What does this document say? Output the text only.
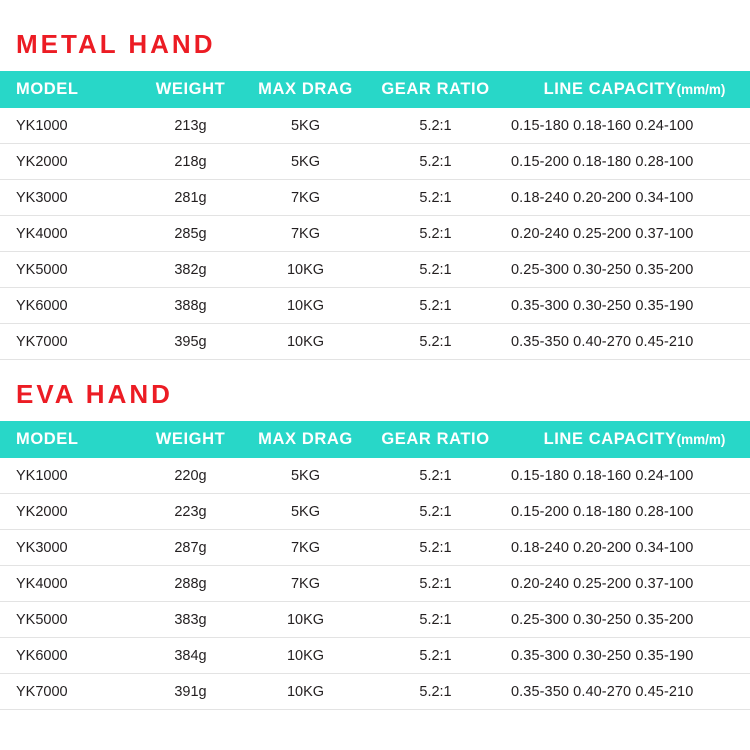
METAL HAND
MODEL	WEIGHT	MAX DRAG	GEAR RATIO	LINE CAPACITY(mm/m)
YK1000	213g	5KG	5.2:1	0.15-180 0.18-160 0.24-100
YK2000	218g	5KG	5.2:1	0.15-200 0.18-180 0.28-100
YK3000	281g	7KG	5.2:1	0.18-240 0.20-200 0.34-100
YK4000	285g	7KG	5.2:1	0.20-240 0.25-200 0.37-100
YK5000	382g	10KG	5.2:1	0.25-300 0.30-250 0.35-200
YK6000	388g	10KG	5.2:1	0.35-300 0.30-250 0.35-190
YK7000	395g	10KG	5.2:1	0.35-350 0.40-270 0.45-210
EVA HAND
MODEL	WEIGHT	MAX DRAG	GEAR RATIO	LINE CAPACITY(mm/m)
YK1000	220g	5KG	5.2:1	0.15-180 0.18-160 0.24-100
YK2000	223g	5KG	5.2:1	0.15-200 0.18-180 0.28-100
YK3000	287g	7KG	5.2:1	0.18-240 0.20-200 0.34-100
YK4000	288g	7KG	5.2:1	0.20-240 0.25-200 0.37-100
YK5000	383g	10KG	5.2:1	0.25-300 0.30-250 0.35-200
YK6000	384g	10KG	5.2:1	0.35-300 0.30-250 0.35-190
YK7000	391g	10KG	5.2:1	0.35-350 0.40-270 0.45-210
